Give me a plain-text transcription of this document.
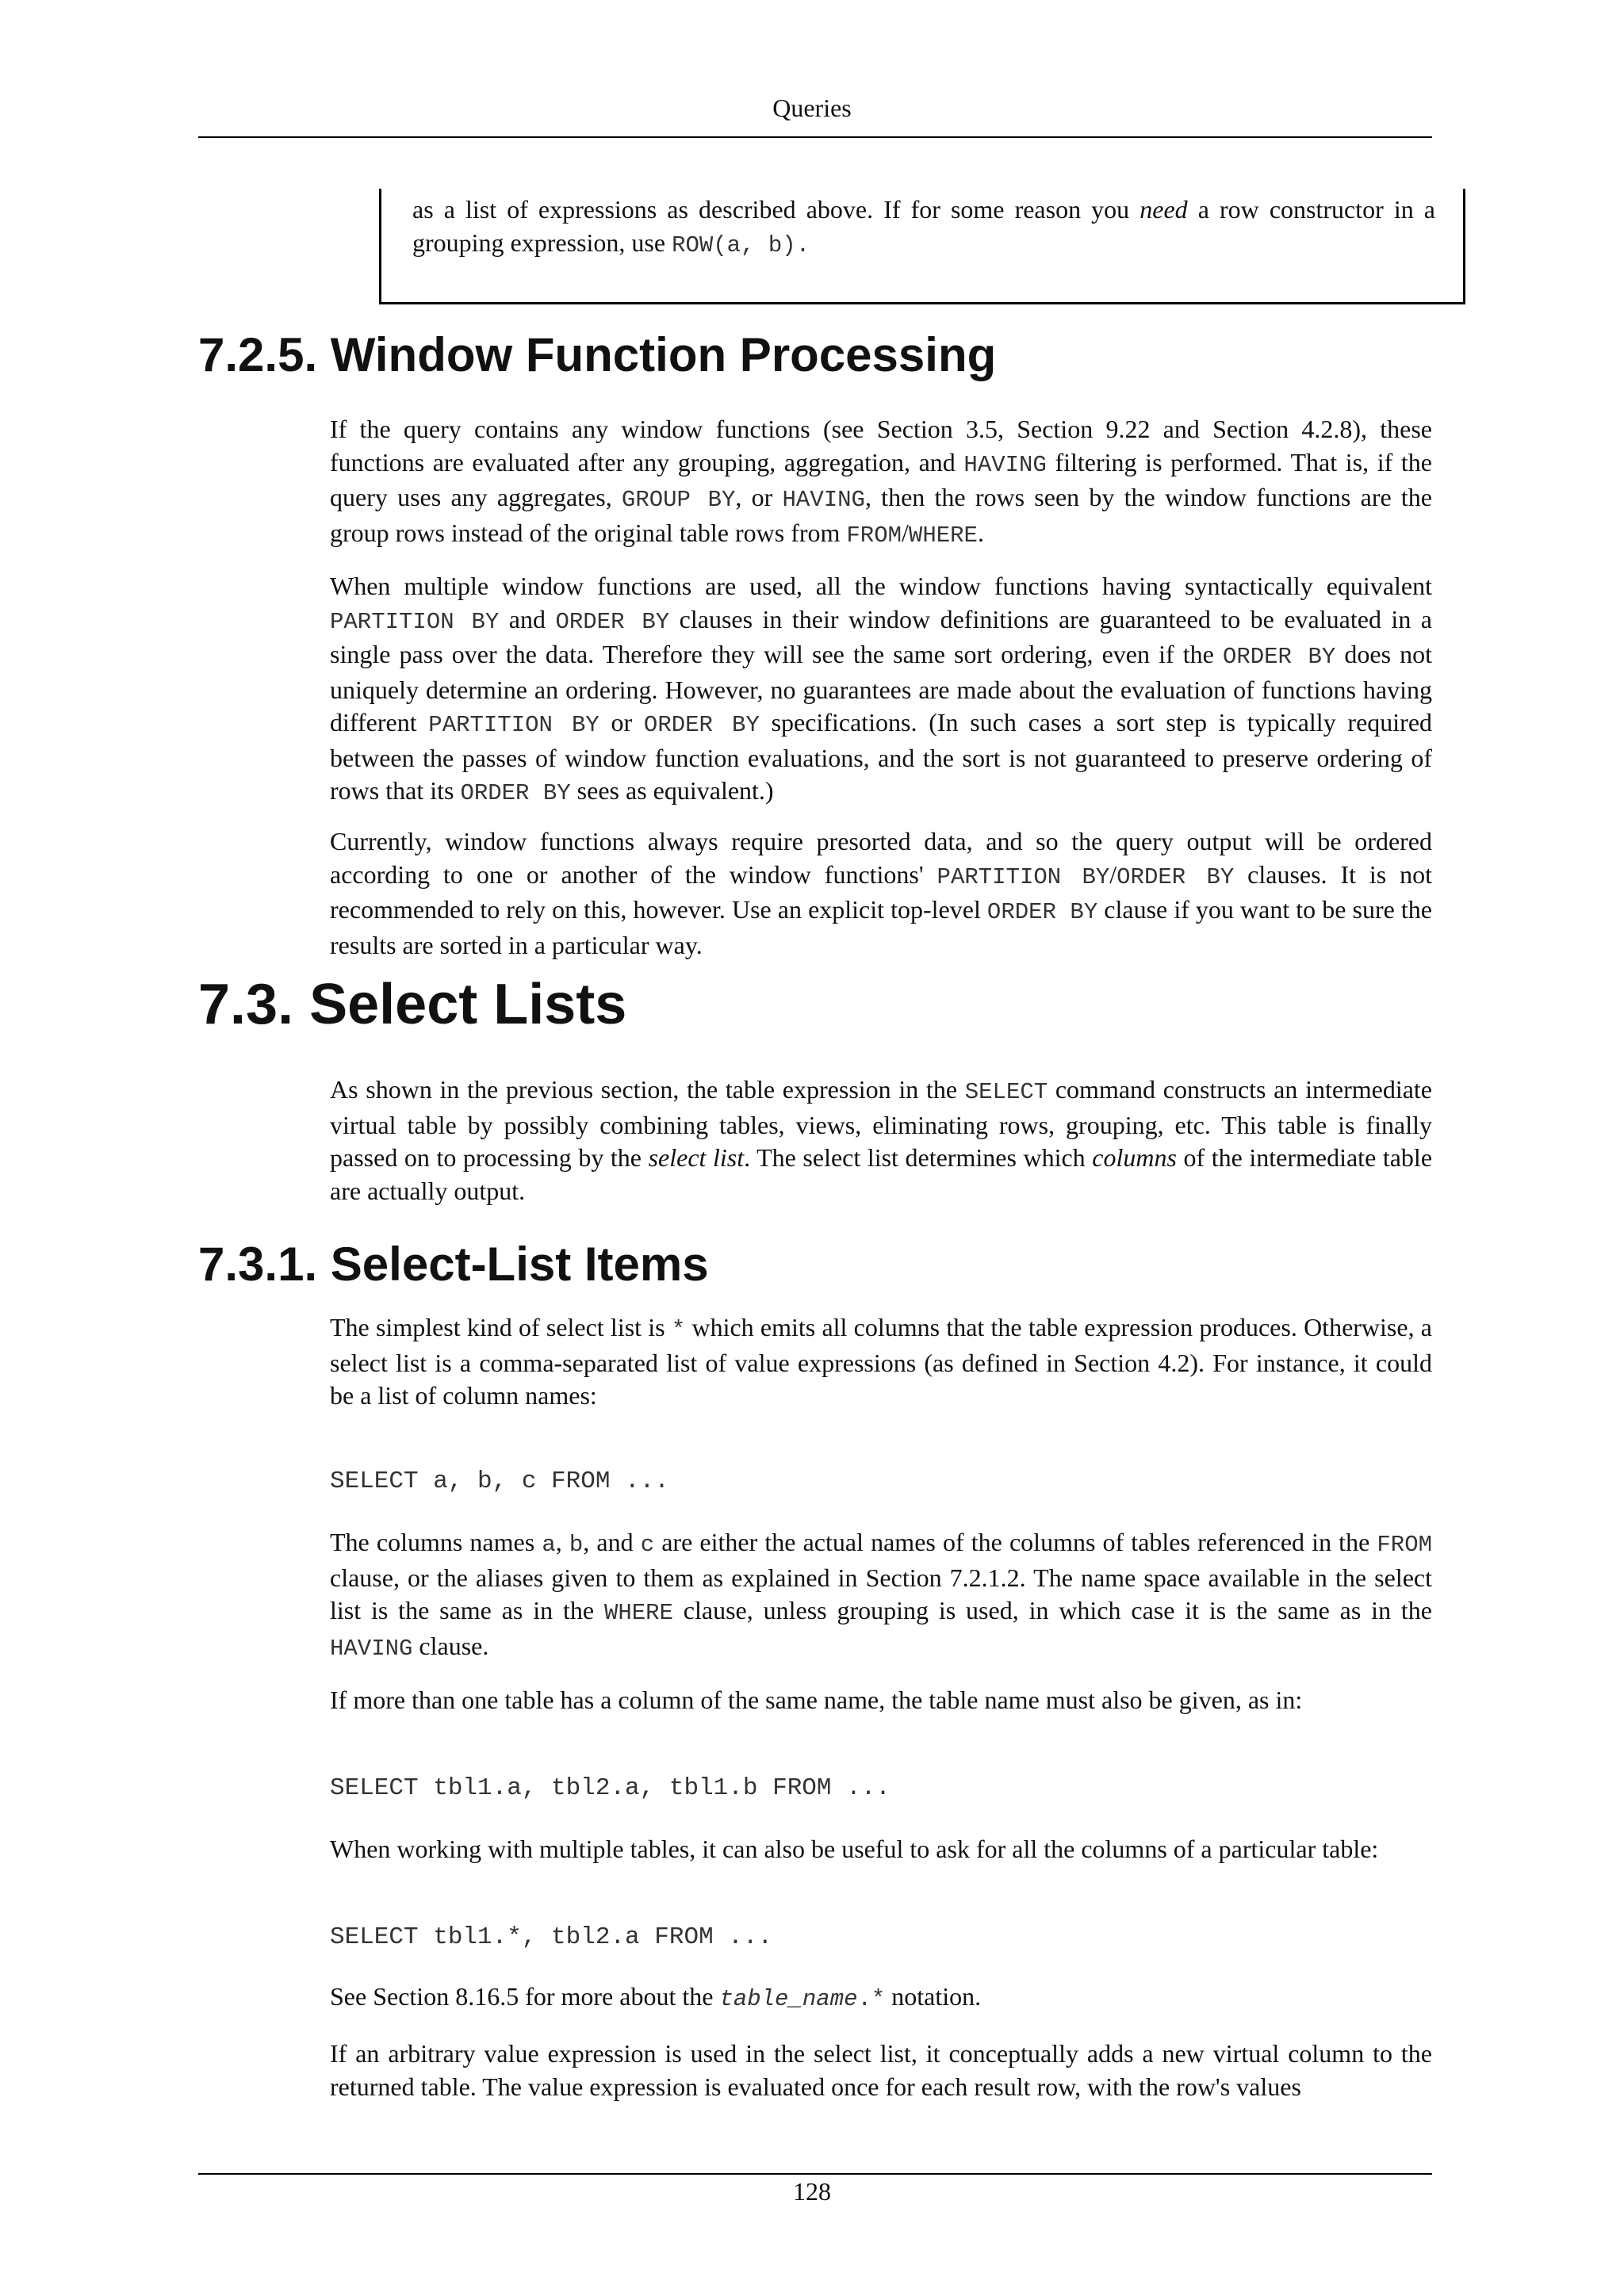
Queries

as a list of expressions as described above. If for some reason you need a row constructor in a grouping expression, use ROW(a, b).

7.2.5. Window Function Processing

If the query contains any window functions (see Section 3.5, Section 9.22 and Section 4.2.8), these functions are evaluated after any grouping, aggregation, and HAVING filtering is performed. That is, if the query uses any aggregates, GROUP BY, or HAVING, then the rows seen by the window functions are the group rows instead of the original table rows from FROM/WHERE.

When multiple window functions are used, all the window functions having syntactically equivalent PARTITION BY and ORDER BY clauses in their window definitions are guaranteed to be evaluated in a single pass over the data. Therefore they will see the same sort ordering, even if the ORDER BY does not uniquely determine an ordering. However, no guarantees are made about the evaluation of functions having different PARTITION BY or ORDER BY specifications. (In such cases a sort step is typically required between the passes of window function evaluations, and the sort is not guaranteed to preserve ordering of rows that its ORDER BY sees as equivalent.)

Currently, window functions always require presorted data, and so the query output will be ordered according to one or another of the window functions' PARTITION BY/ORDER BY clauses. It is not recommended to rely on this, however. Use an explicit top-level ORDER BY clause if you want to be sure the results are sorted in a particular way.

7.3. Select Lists

As shown in the previous section, the table expression in the SELECT command constructs an intermediate virtual table by possibly combining tables, views, eliminating rows, grouping, etc. This table is finally passed on to processing by the select list. The select list determines which columns of the intermediate table are actually output.

7.3.1. Select-List Items

The simplest kind of select list is * which emits all columns that the table expression produces. Otherwise, a select list is a comma-separated list of value expressions (as defined in Section 4.2). For instance, it could be a list of column names:

SELECT a, b, c FROM ...

The columns names a, b, and c are either the actual names of the columns of tables referenced in the FROM clause, or the aliases given to them as explained in Section 7.2.1.2. The name space available in the select list is the same as in the WHERE clause, unless grouping is used, in which case it is the same as in the HAVING clause.

If more than one table has a column of the same name, the table name must also be given, as in:

SELECT tbl1.a, tbl2.a, tbl1.b FROM ...

When working with multiple tables, it can also be useful to ask for all the columns of a particular table:

SELECT tbl1.*, tbl2.a FROM ...

See Section 8.16.5 for more about the table_name.* notation.

If an arbitrary value expression is used in the select list, it conceptually adds a new virtual column to the returned table. The value expression is evaluated once for each result row, with the row's values

128
